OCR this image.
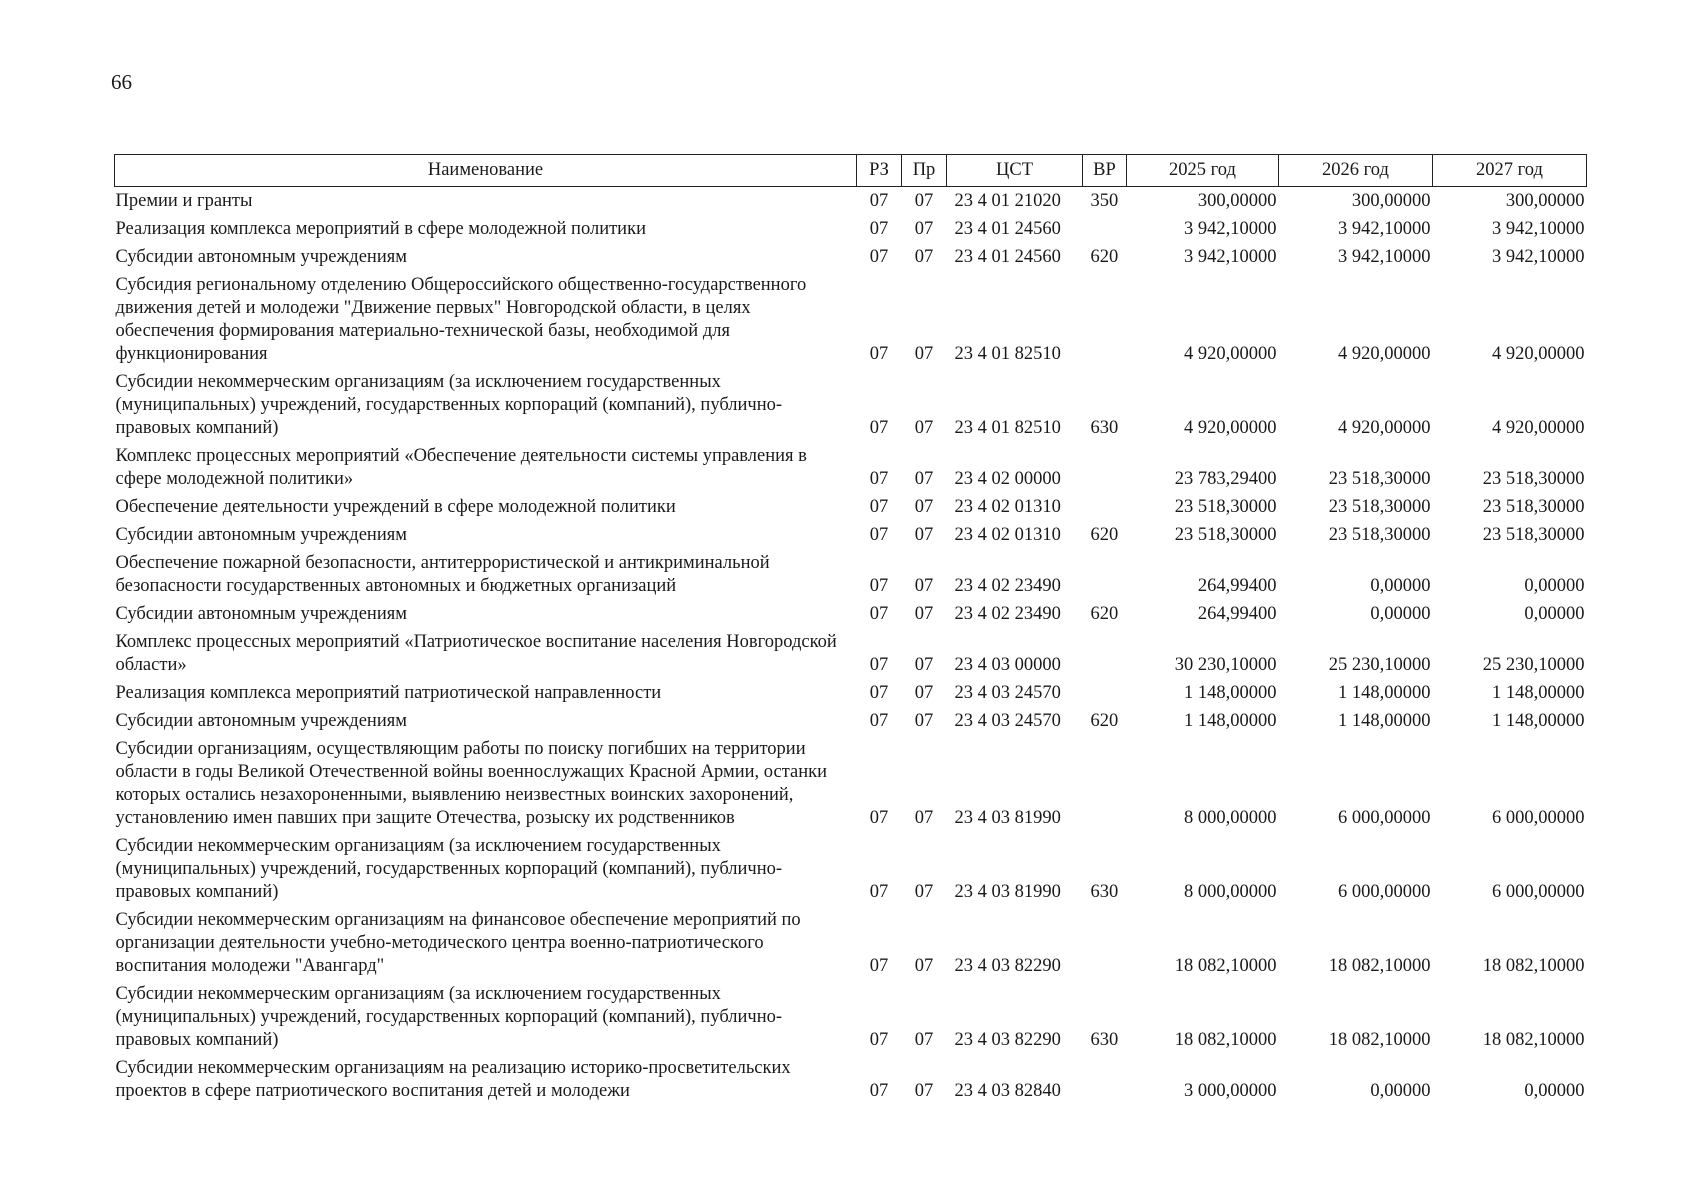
66
Наименование	РЗ	Пр	ЦСТ	ВР	2025 год	2026 год	2027 год
Премии и гранты	07	07	23 4 01 21020	350	300,00000	300,00000	300,00000
Реализация комплекса мероприятий в сфере молодежной политики	07	07	23 4 01 24560		3 942,10000	3 942,10000	3 942,10000
Субсидии автономным учреждениям	07	07	23 4 01 24560	620	3 942,10000	3 942,10000	3 942,10000
Субсидия региональному отделению Общероссийского общественно-государственного движения детей и молодежи "Движение первых" Новгородской области, в целях обеспечения формирования материально-технической базы, необходимой для функционирования	07	07	23 4 01 82510		4 920,00000	4 920,00000	4 920,00000
Субсидии некоммерческим организациям (за исключением государственных (муниципальных) учреждений, государственных корпораций (компаний), публично-правовых компаний)	07	07	23 4 01 82510	630	4 920,00000	4 920,00000	4 920,00000
Комплекс процессных мероприятий «Обеспечение деятельности системы управления в сфере молодежной политики»	07	07	23 4 02 00000		23 783,29400	23 518,30000	23 518,30000
Обеспечение деятельности учреждений в сфере молодежной политики	07	07	23 4 02 01310		23 518,30000	23 518,30000	23 518,30000
Субсидии автономным учреждениям	07	07	23 4 02 01310	620	23 518,30000	23 518,30000	23 518,30000
Обеспечение пожарной безопасности, антитеррористической и антикриминальной безопасности государственных автономных и бюджетных организаций	07	07	23 4 02 23490		264,99400	0,00000	0,00000
Субсидии автономным учреждениям	07	07	23 4 02 23490	620	264,99400	0,00000	0,00000
Комплекс процессных мероприятий «Патриотическое воспитание населения Новгородской области»	07	07	23 4 03 00000		30 230,10000	25 230,10000	25 230,10000
Реализация комплекса мероприятий патриотической направленности	07	07	23 4 03 24570		1 148,00000	1 148,00000	1 148,00000
Субсидии автономным учреждениям	07	07	23 4 03 24570	620	1 148,00000	1 148,00000	1 148,00000
Субсидии организациям, осуществляющим работы по поиску погибших на территории области в годы Великой Отечественной войны военнослужащих Красной Армии, останки которых остались незахороненными, выявлению неизвестных воинских захоронений, установлению имен павших при защите Отечества, розыску их родственников	07	07	23 4 03 81990		8 000,00000	6 000,00000	6 000,00000
Субсидии некоммерческим организациям (за исключением государственных (муниципальных) учреждений, государственных корпораций (компаний), публично-правовых компаний)	07	07	23 4 03 81990	630	8 000,00000	6 000,00000	6 000,00000
Субсидии некоммерческим организациям на финансовое обеспечение мероприятий по организации деятельности учебно-методического центра военно-патриотического воспитания молодежи "Авангард"	07	07	23 4 03 82290		18 082,10000	18 082,10000	18 082,10000
Субсидии некоммерческим организациям (за исключением государственных (муниципальных) учреждений, государственных корпораций (компаний), публично-правовых компаний)	07	07	23 4 03 82290	630	18 082,10000	18 082,10000	18 082,10000
Субсидии некоммерческим организациям на реализацию историко-просветительских проектов в сфере патриотического воспитания детей и молодежи	07	07	23 4 03 82840		3 000,00000	0,00000	0,00000
